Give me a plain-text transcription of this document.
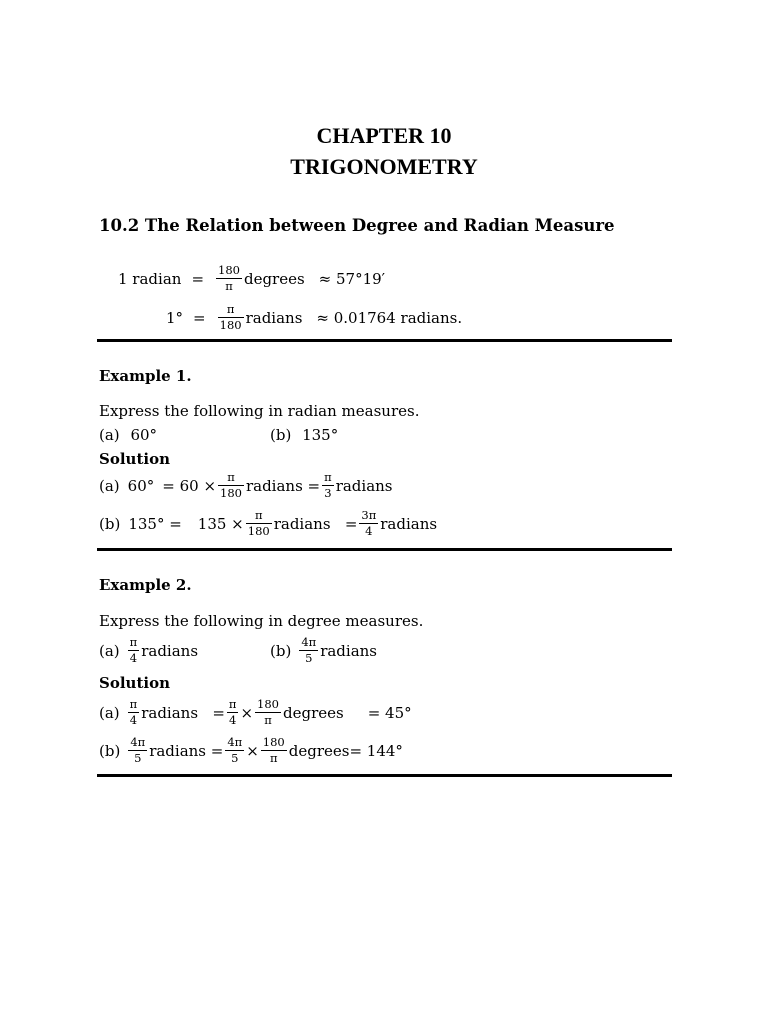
CHAPTER 10
TRIGONOMETRY
10.2 The Relation between Degree and Radian Measure
1 radian = $\frac{180}{\pi}$ degrees ≈ 57°19′
$1^\circ = \frac{\pi}{180}$ radians ≈ 0.01764 radians.
Example 1.
Express the following in radian measures.
(a) 60°	(b) 135°
Solution
(a) $60^\circ = 60 \times \frac{\pi}{180}$ radians = $\frac{\pi}{3}$ radians
(b) $135^\circ = 135 \times \frac{\pi}{180}$ radians   = $\frac{3\pi}{4}$ radians
Example 2.
Express the following in degree measures.
$(a) \frac{\pi}{4}$ radians	$(b) \frac{4\pi}{5}$ radians
Solution
$(a) \frac{\pi}{4}$ radians   = $\frac{\pi}{4} \times \frac{180}{\pi}$ degrees = 45°
$(b) \frac{4\pi}{5}$ radians = $\frac{4\pi}{5} \times \frac{180}{\pi}$ degrees = 144°
